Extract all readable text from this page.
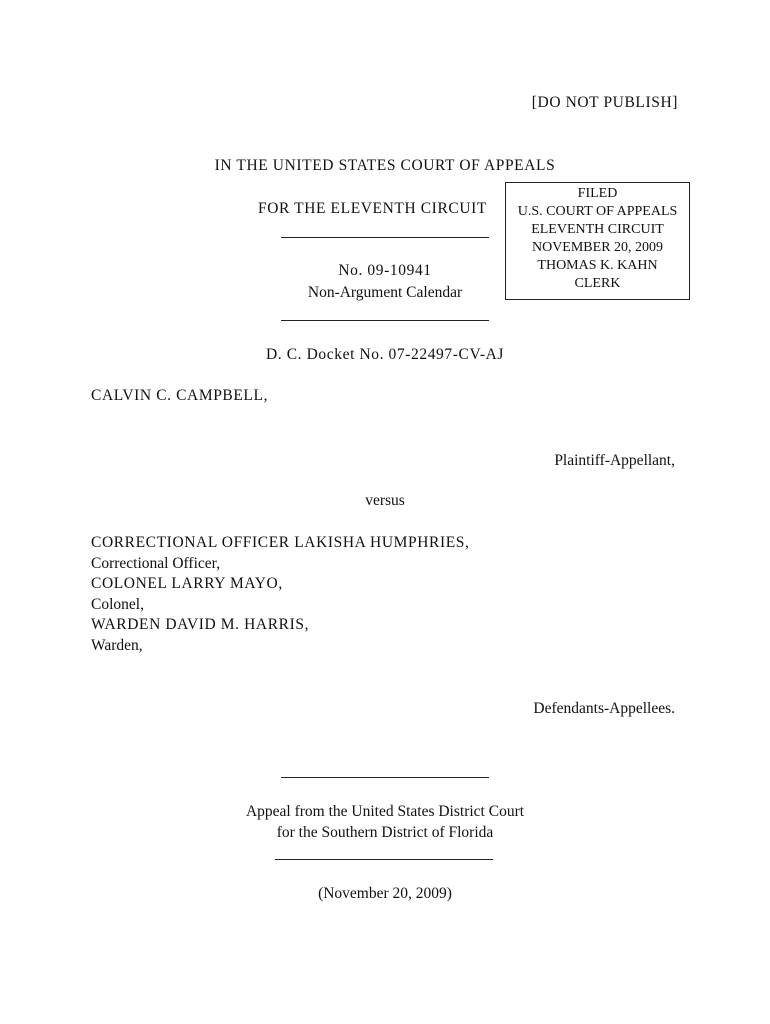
[DO NOT PUBLISH]
IN THE UNITED STATES COURT OF APPEALS
FOR THE ELEVENTH CIRCUIT
No. 09-10941
Non-Argument Calendar
D. C. Docket No. 07-22497-CV-AJ
FILED
U.S. COURT OF APPEALS
ELEVENTH CIRCUIT
NOVEMBER 20, 2009
THOMAS K. KAHN
CLERK
CALVIN C. CAMPBELL,
Plaintiff-Appellant,
versus
CORRECTIONAL OFFICER LAKISHA HUMPHRIES,
Correctional Officer,
COLONEL LARRY MAYO,
Colonel,
WARDEN DAVID M. HARRIS,
Warden,
Defendants-Appellees.
Appeal from the United States District Court
for the Southern District of Florida
(November 20, 2009)
